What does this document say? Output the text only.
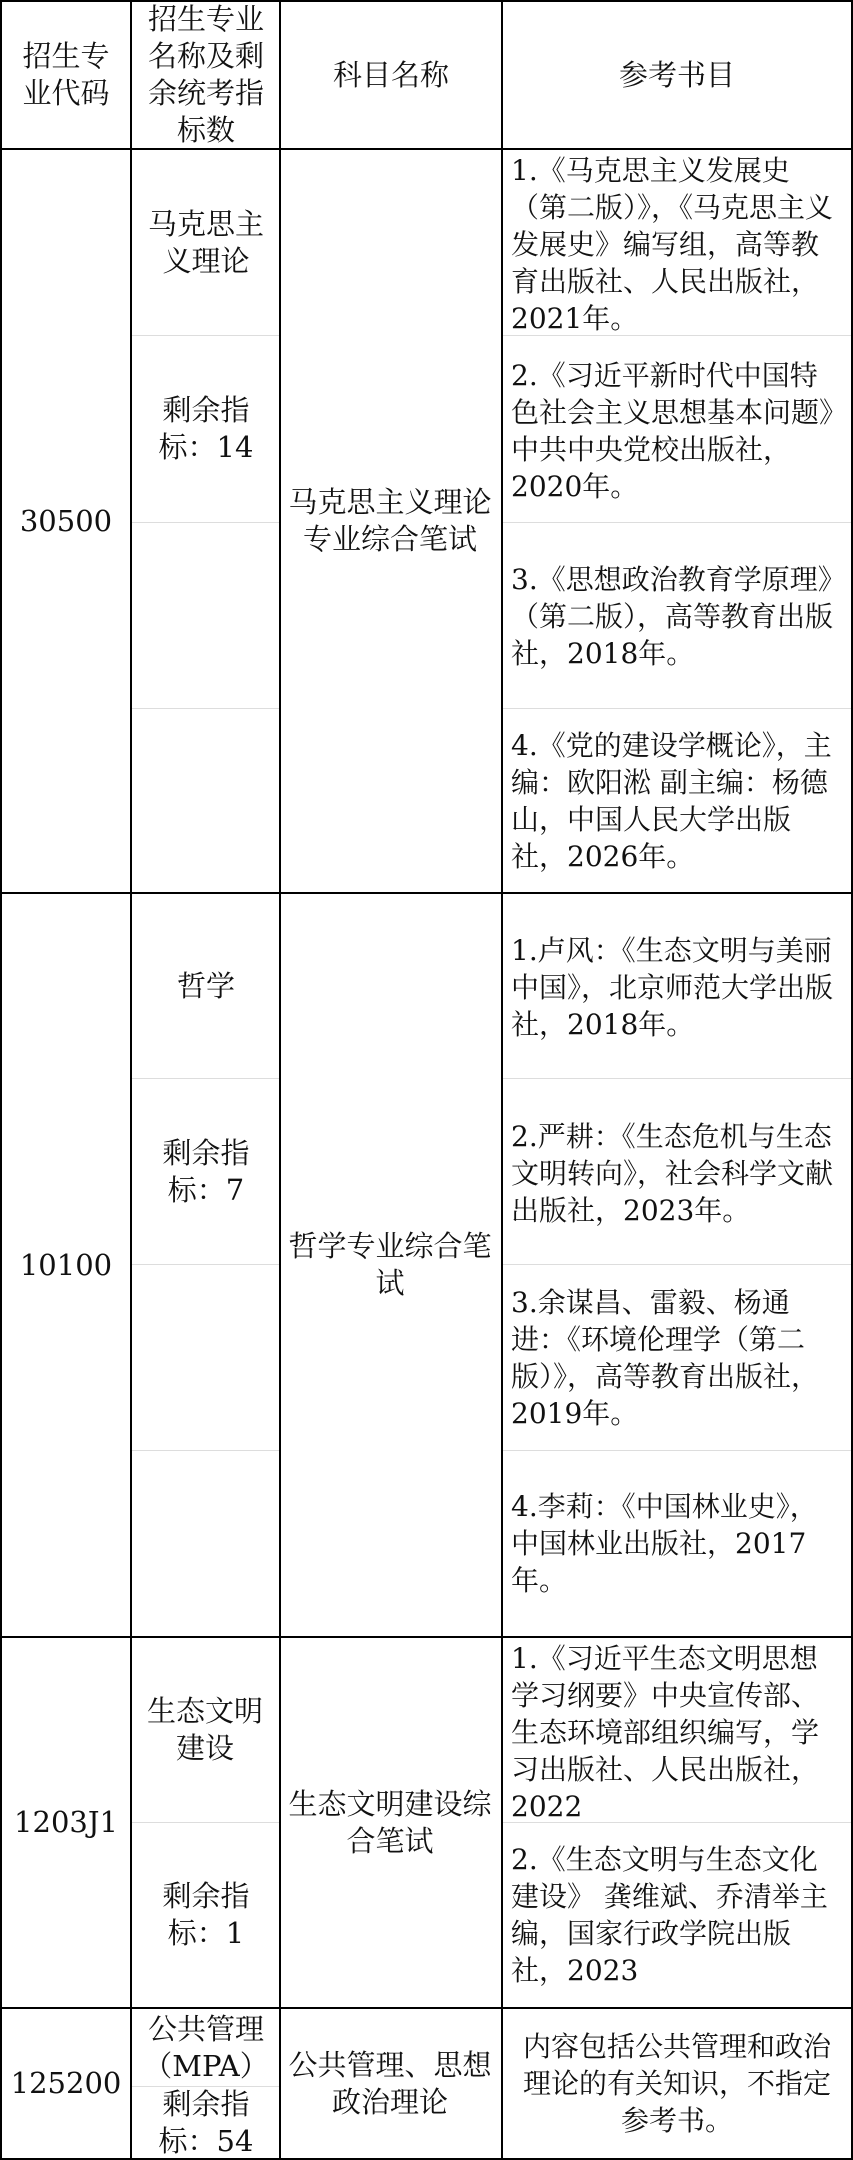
招生专业代码
招生专业名称及剩余统考指标数
科目名称	参考书目
30500
马克思主义理论
剩余指标：14
马克思主义理论专业综合笔试
1.《马克思主义发展史（第二版）》，《马克思主义发展史》编写组，高等教育出版社、人民出版社，2021年。
2.《习近平新时代中国特色社会主义思想基本问题》中共中央党校出版社，2020年。
3.《思想政治教育学原理》（第二版），高等教育出版社，2018年。
4.《党的建设学概论》，主 编：欧阳淞 副主编：杨德山，中国人民大学出版社，2026年。
10100
哲学
剩余指标：7
哲学专业综合笔试
1.卢风：《生态文明与美丽中国》，北京师范大学出版社，2018年。
2.严耕：《生态危机与生态文明转向》，社会科学文献出版社，2023年。
3.余谋昌、雷毅、杨通进：《环境伦理学（第二版）》，高等教育出版社，2019年。
4.李莉：《中国林业史》，中国林业出版社，2017年。
1203J1
生态文明建设
剩余指标：1
生态文明建设综合笔试
1.《习近平生态文明思想学习纲要》中央宣传部、生态环境部组织编写，学习出版社、人民出版社，2022
2.《生态文明与生态文化建设》 龚维斌、乔清举主编，国家行政学院出版社，2023
125200
公共管理（MPA）
剩余指标：54
公共管理、思想政治理论
内容包括公共管理和政治理论的有关知识，不指定参考书。
